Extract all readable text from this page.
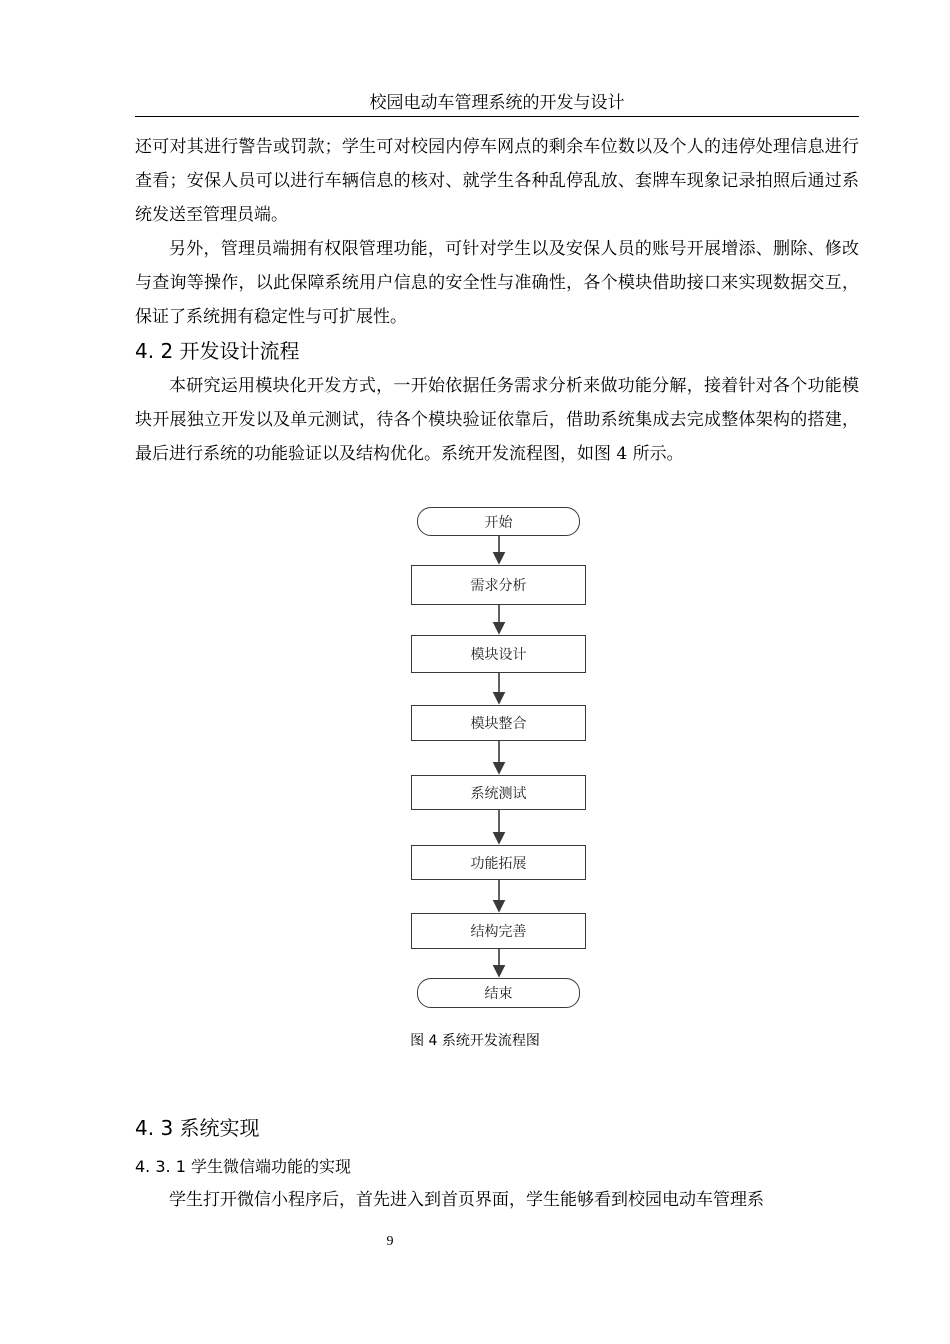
校园电动车管理系统的开发与设计

还可对其进行警告或罚款；学生可对校园内停车网点的剩余车位数以及个人的违停处理信息进行查看；安保人员可以进行车辆信息的核对、就学生各种乱停乱放、套牌车现象记录拍照后通过系统发送至管理员端。

另外，管理员端拥有权限管理功能，可针对学生以及安保人员的账号开展增添、删除、修改与查询等操作，以此保障系统用户信息的安全性与准确性，各个模块借助接口来实现数据交互，保证了系统拥有稳定性与可扩展性。

4. 2 开发设计流程

本研究运用模块化开发方式，一开始依据任务需求分析来做功能分解，接着针对各个功能模块开展独立开发以及单元测试，待各个模块验证依靠后，借助系统集成去完成整体架构的搭建，最后进行系统的功能验证以及结构优化。系统开发流程图，如图 4 所示。

开始
需求分析
模块设计
模块整合
系统测试
功能拓展
结构完善
结束
图 4 系统开发流程图
4. 3 系统实现
4. 3. 1 学生微信端功能的实现

学生打开微信小程序后，首先进入到首页界面，学生能够看到校园电动车管理系

9
